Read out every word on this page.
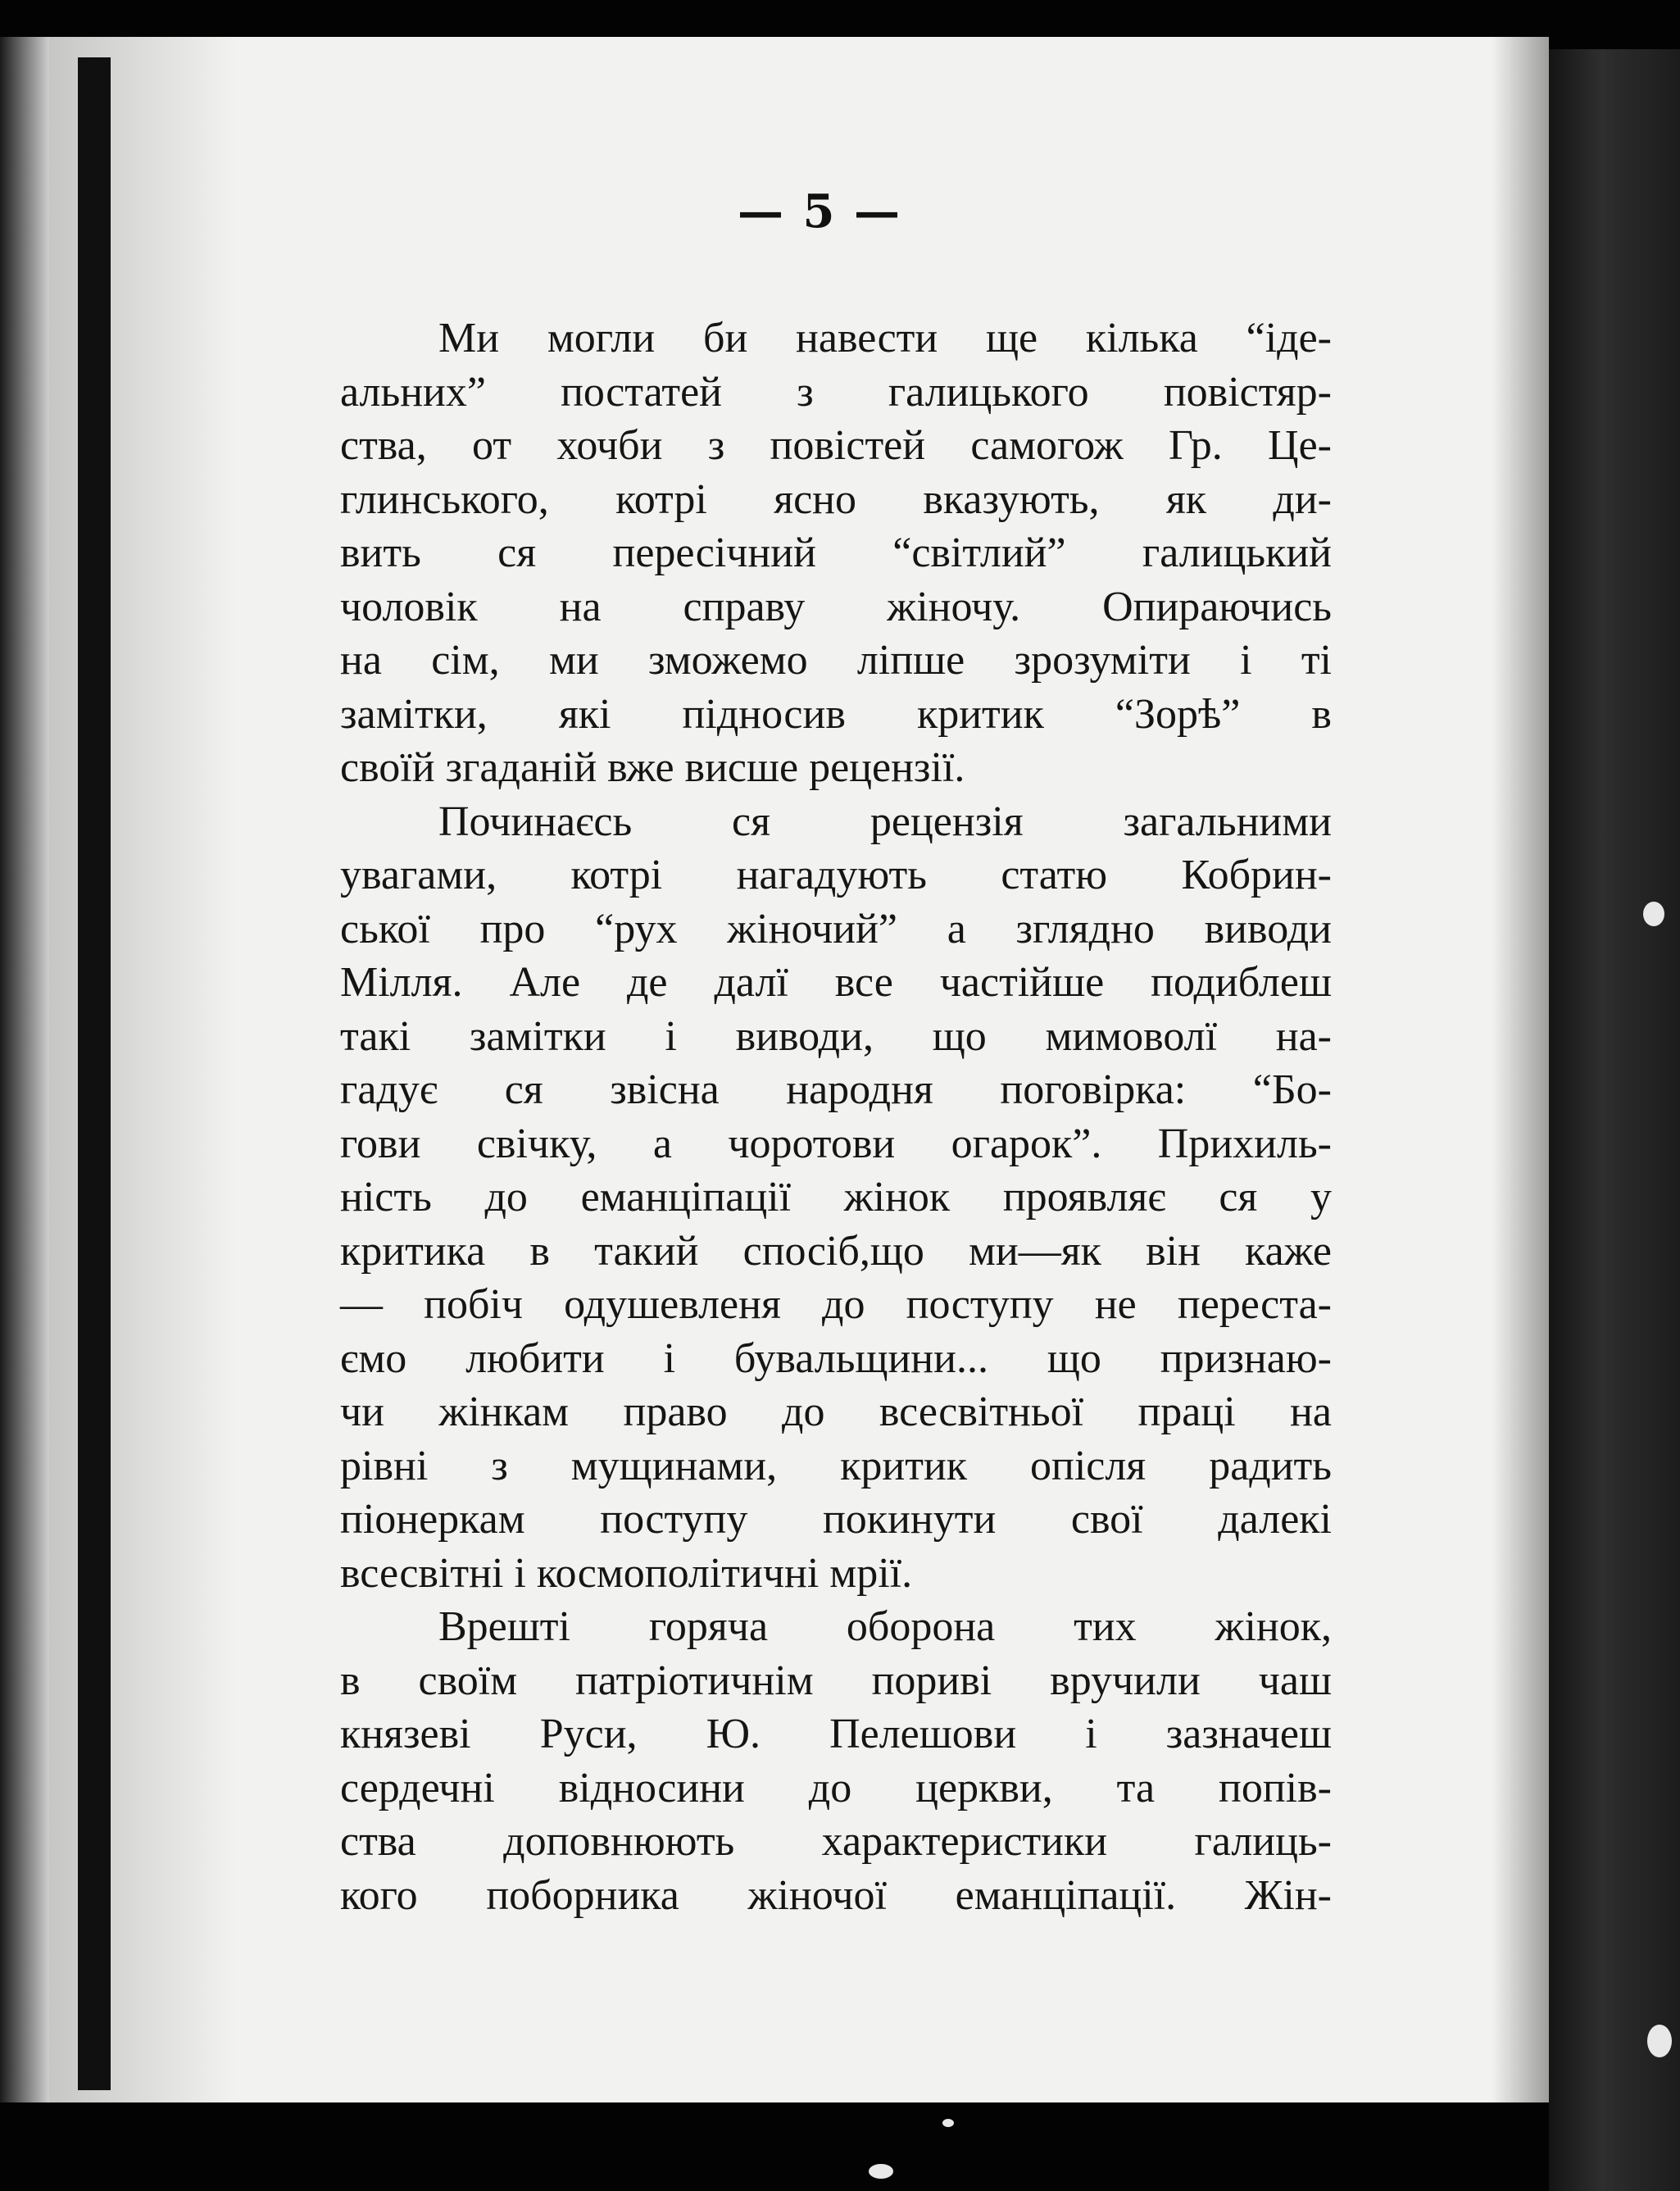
— 5 —
Ми могли би навести ще кілька “іде-
альних” постатей з галицького повістяр-
ства, от хочби з повістей самогож Гр. Це-
глинського, котрі ясно вказують, як ди-
вить ся пересічний “світлий” галицький
чоловік на справу жіночу. Опираючись
на сім, ми зможемо ліпше зрозуміти і ті
замітки, які підносив критик “Зорѣ” в
своїй згаданій вже висше рецензії.
Починаєсь ся рецензія загальними
увагами, котрі нагадують статю Кобрин-
ської про “рух жіночий” а зглядно виводи
Мілля. Але де далї все частійше подиблеш
такі замітки і виводи, що мимоволї на-
гадує ся звісна народня поговірка: “Бо-
гови свічку, а чоротови огарок”. Прихиль-
ність до еманціпації жінок проявляє ся у
критика в такий спосіб,що ми—як він каже
— побіч одушевленя до поступу не переста-
ємо любити і бувальщини... що признаю-
чи жінкам право до всесвітньої праці на
рівні з мущинами, критик опісля радить
піонеркам поступу покинути свої далекі
всесвітні і космополітичні мрії.
Врешті горяча оборона тих жінок,
в своїм патріотичнім пориві вручили чаш
князеві Руси, Ю. Пелешови і зазначеш
сердечні відносини до церкви, та попів-
ства доповнюють характеристики галиць-
кого поборника жіночої еманціпації. Жін-
